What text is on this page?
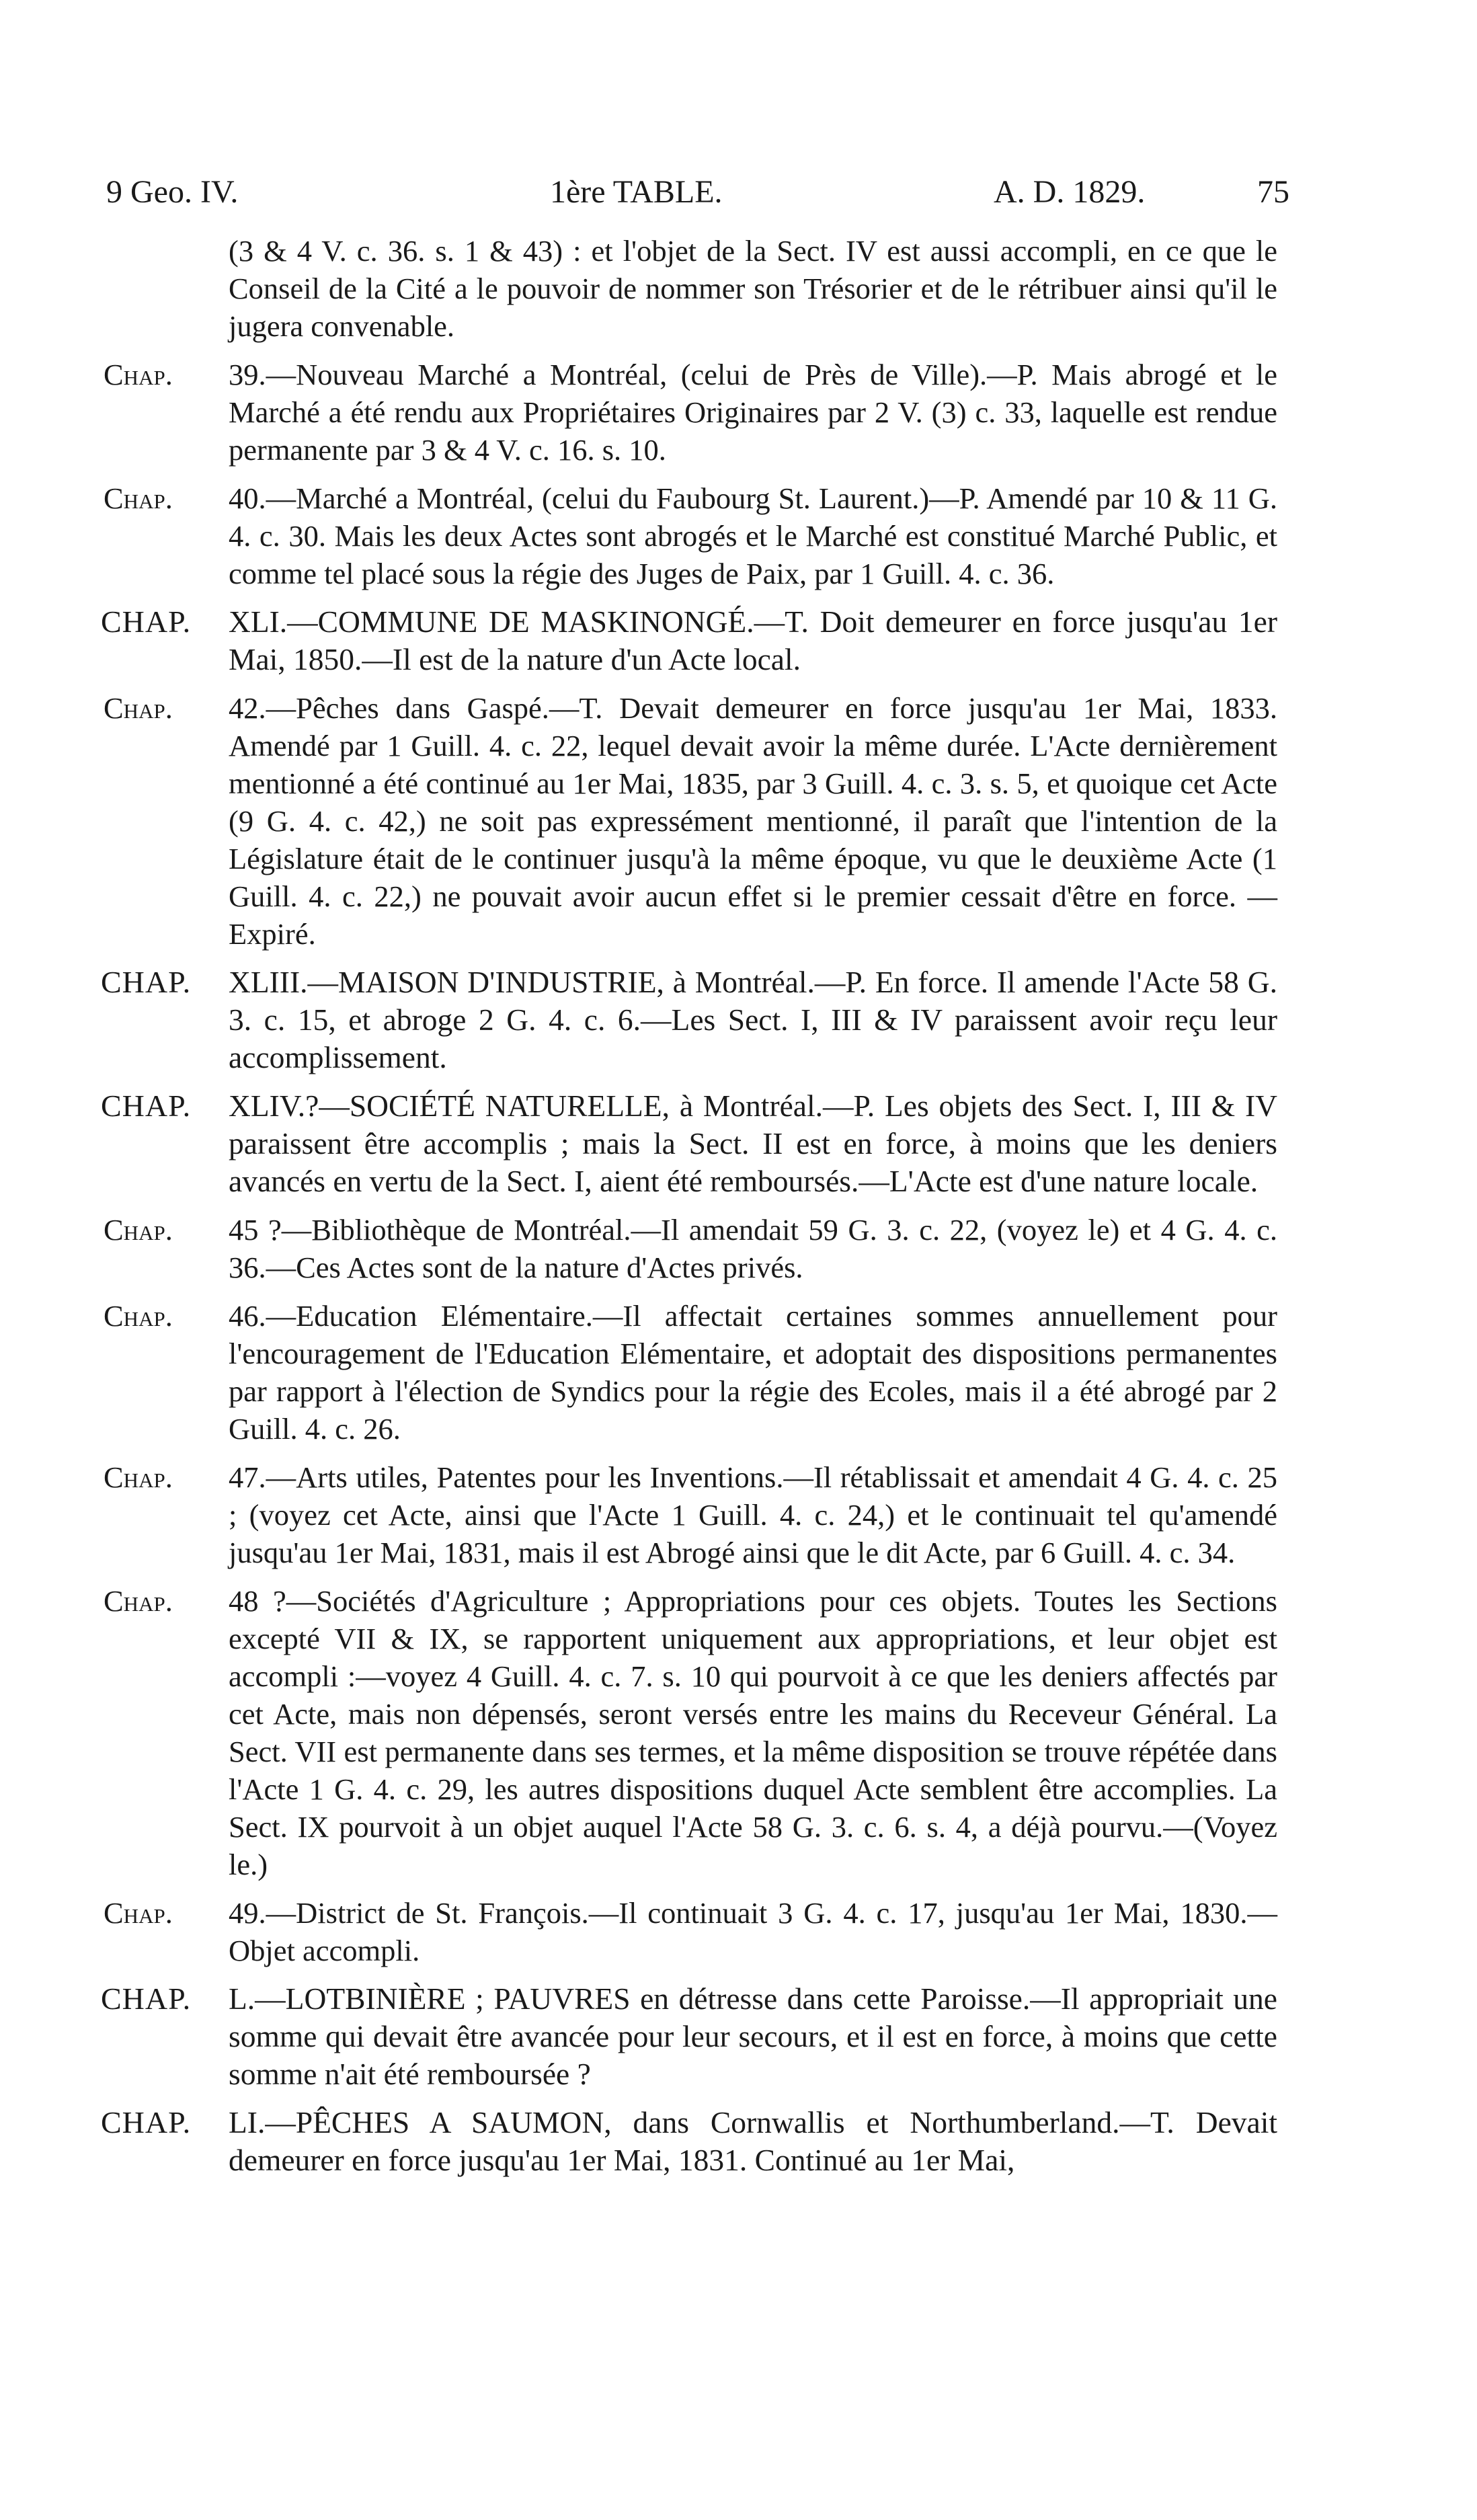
9 Geo. IV.	1ère TABLE.	A. D. 1829.	75
(3 & 4 V. c. 36. s. 1 & 43) : et l'objet de la Sect. IV est aussi accompli, en ce que le Conseil de la Cité a le pouvoir de nommer son Trésorier et de le rétribuer ainsi qu'il le jugera convenable.
Chap. 39.—Nouveau Marché a Montréal, (celui de Près de Ville).—P. Mais abrogé et le Marché a été rendu aux Propriétaires Originaires par 2 V. (3) c. 33, laquelle est rendue permanente par 3 & 4 V. c. 16. s. 10.
Chap. 40.—Marché a Montréal, (celui du Faubourg St. Laurent.)—P. Amendé par 10 & 11 G. 4. c. 30. Mais les deux Actes sont abrogés et le Marché est constitué Marché Public, et comme tel placé sous la régie des Juges de Paix, par 1 Guill. 4. c. 36.
CHAP. XLI.—COMMUNE DE MASKINONGÉ.—T. Doit demeurer en force jusqu'au 1er Mai, 1850.—Il est de la nature d'un Acte local.
Chap. 42.—Pêches dans Gaspé.—T. Devait demeurer en force jusqu'au 1er Mai, 1833. Amendé par 1 Guill. 4. c. 22, lequel devait avoir la même durée. L'Acte dernièrement mentionné a été continué au 1er Mai, 1835, par 3 Guill. 4. c. 3. s. 5, et quoique cet Acte (9 G. 4. c. 42,) ne soit pas expressément mentionné, il paraît que l'intention de la Législature était de le continuer jusqu'à la même époque, vu que le deuxième Acte (1 Guill. 4. c. 22,) ne pouvait avoir aucun effet si le premier cessait d'être en force. —Expiré.
CHAP. XLIII.—MAISON D'INDUSTRIE, à Montréal.—P. En force. Il amende l'Acte 58 G. 3. c. 15, et abroge 2 G. 4. c. 6.—Les Sect. I, III & IV paraissent avoir reçu leur accomplissement.
CHAP. XLIV.?—SOCIÉTÉ NATURELLE, à Montréal.—P. Les objets des Sect. I, III & IV paraissent être accomplis ; mais la Sect. II est en force, à moins que les deniers avancés en vertu de la Sect. I, aient été remboursés.—L'Acte est d'une nature locale.
Chap. 45 ?—Bibliothèque de Montréal.—Il amendait 59 G. 3. c. 22, (voyez le) et 4 G. 4. c. 36.—Ces Actes sont de la nature d'Actes privés.
Chap. 46.—Education Elémentaire.—Il affectait certaines sommes annuellement pour l'encouragement de l'Education Elémentaire, et adoptait des dispositions permanentes par rapport à l'élection de Syndics pour la régie des Ecoles, mais il a été abrogé par 2 Guill. 4. c. 26.
Chap. 47.—Arts utiles, Patentes pour les Inventions.—Il rétablissait et amendait 4 G. 4. c. 25 ; (voyez cet Acte, ainsi que l'Acte 1 Guill. 4. c. 24,) et le continuait tel qu'amendé jusqu'au 1er Mai, 1831, mais il est Abrogé ainsi que le dit Acte, par 6 Guill. 4. c. 34.
Chap. 48 ?—Sociétés d'Agriculture ; Appropriations pour ces objets. Toutes les Sections excepté VII & IX, se rapportent uniquement aux appropriations, et leur objet est accompli :—voyez 4 Guill. 4. c. 7. s. 10 qui pourvoit à ce que les deniers affectés par cet Acte, mais non dépensés, seront versés entre les mains du Receveur Général. La Sect. VII est permanente dans ses termes, et la même disposition se trouve répétée dans l'Acte 1 G. 4. c. 29, les autres dispositions duquel Acte semblent être accomplies. La Sect. IX pourvoit à un objet auquel l'Acte 58 G. 3. c. 6. s. 4, a déjà pourvu.—(Voyez le.)
Chap. 49.—District de St. François.—Il continuait 3 G. 4. c. 17, jusqu'au 1er Mai, 1830.—Objet accompli.
CHAP. L.—LOTBINIÈRE ; PAUVRES en détresse dans cette Paroisse.—Il appropriait une somme qui devait être avancée pour leur secours, et il est en force, à moins que cette somme n'ait été remboursée ?
CHAP. LI.—PÊCHES A SAUMON, dans Cornwallis et Northumberland.—T. Devait demeurer en force jusqu'au 1er Mai, 1831. Continué au 1er Mai,
